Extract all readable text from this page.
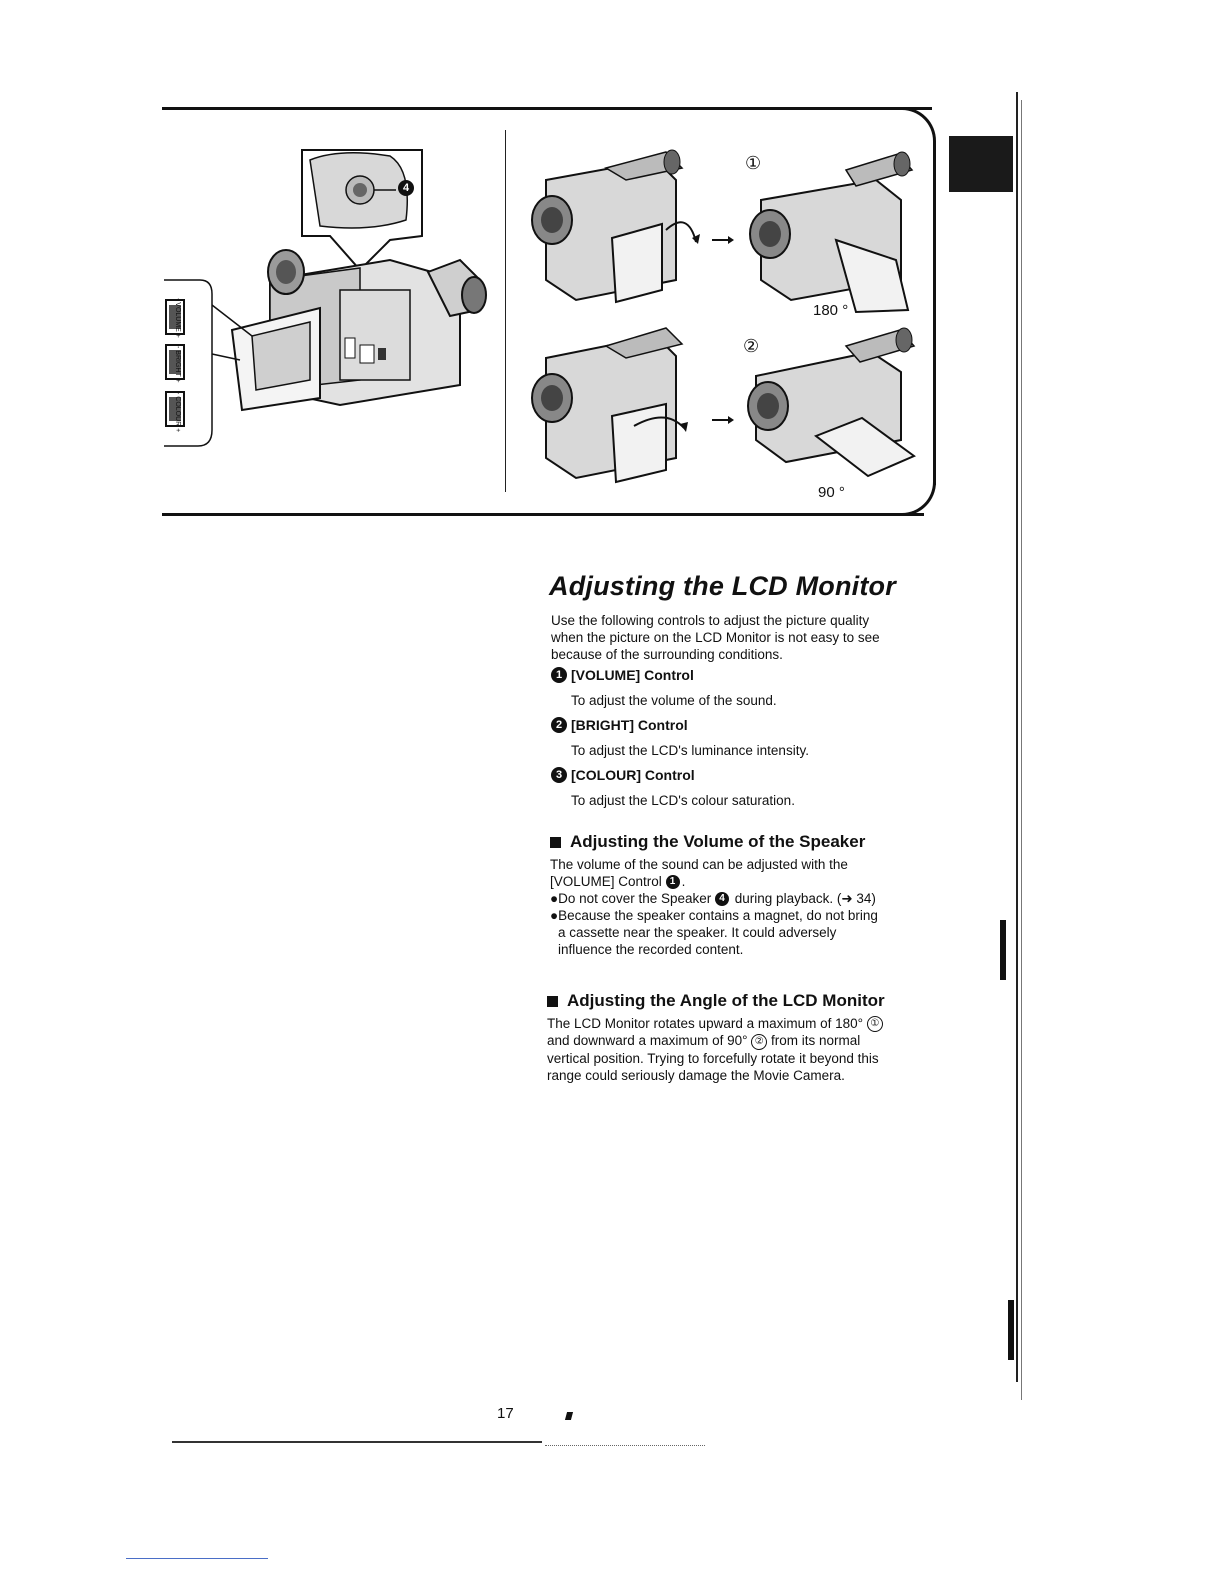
4
- VOLUME +
- BRIGHT +
- COLOUR +
①
180 °
②
90 °
Adjusting the LCD Monitor
Use the following controls to adjust the picture quality
when the picture on the LCD Monitor is not easy to see
because of the surrounding conditions.
1 [VOLUME] Control
To adjust the volume of the sound.
2 [BRIGHT] Control
To adjust the LCD's luminance intensity.
3 [COLOUR] Control
To adjust the LCD's colour saturation.
Adjusting the Volume of the Speaker
The volume of the sound can be adjusted with the
[VOLUME] Control 1 .
●Do not cover the Speaker 4 during playback. (➜ 34)
●Because the speaker contains a magnet, do not bring
a cassette near the speaker. It could adversely
influence the recorded content.
Adjusting the Angle of the LCD Monitor
The LCD Monitor rotates upward a maximum of 180° ①
and downward a maximum of 90° ② from its normal
vertical position. Trying to forcefully rotate it beyond this
range could seriously damage the Movie Camera.
17
